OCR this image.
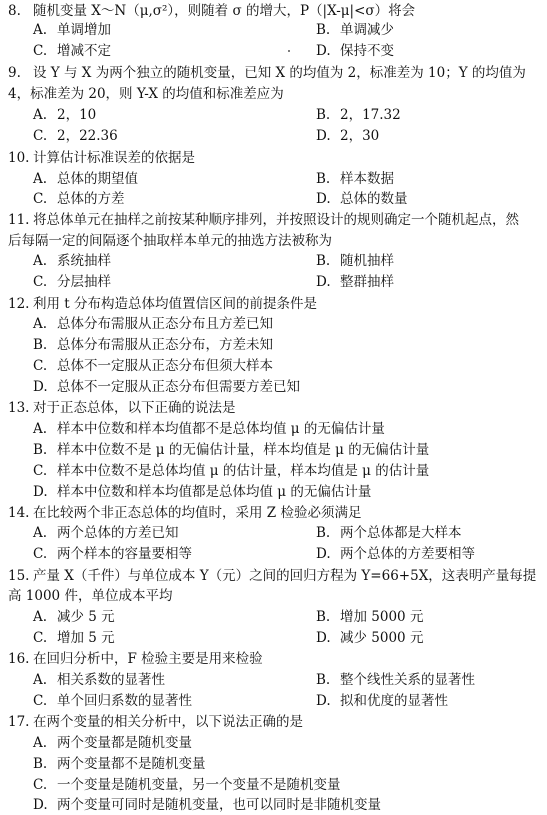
8. 随机变量 X～N（μ,σ²），则随着 σ 的增大，P（|X-μ|<σ）将会
A. 单调增加	B. 单调减少
C. 增减不定	D. 保持不变
9. 设 Y 与 X 为两个独立的随机变量，已知 X 的均值为 2，标准差为 10；Y 的均值为
4，标准差为 20，则 Y-X 的均值和标准差应为
A. 2，10	B. 2，17.32
C. 2，22.36	D. 2，30
10. 计算估计标准误差的依据是
A. 总体的期望值	B. 样本数据
C. 总体的方差	D. 总体的数量
11. 将总体单元在抽样之前按某种顺序排列，并按照设计的规则确定一个随机起点，然
后每隔一定的间隔逐个抽取样本单元的抽选方法被称为
A. 系统抽样	B. 随机抽样
C. 分层抽样	D. 整群抽样
12. 利用 t 分布构造总体均值置信区间的前提条件是
A. 总体分布需服从正态分布且方差已知
B. 总体分布需服从正态分布，方差未知
C. 总体不一定服从正态分布但须大样本
D. 总体不一定服从正态分布但需要方差已知
13. 对于正态总体，以下正确的说法是
A. 样本中位数和样本均值都不是总体均值 μ 的无偏估计量
B. 样本中位数不是 μ 的无偏估计量，样本均值是 μ 的无偏估计量
C. 样本中位数不是总体均值 μ 的估计量，样本均值是 μ 的估计量
D. 样本中位数和样本均值都是总体均值 μ 的无偏估计量
14. 在比较两个非正态总体的均值时，采用 Z 检验必须满足
A. 两个总体的方差已知	B. 两个总体都是大样本
C. 两个样本的容量要相等	D. 两个总体的方差要相等
15. 产量 X（千件）与单位成本 Y（元）之间的回归方程为 Y=66+5X，这表明产量每提
高 1000 件，单位成本平均
A. 减少 5 元	B. 增加 5000 元
C. 增加 5 元	D. 减少 5000 元
16. 在回归分析中，F 检验主要是用来检验
A. 相关系数的显著性	B. 整个线性关系的显著性
C. 单个回归系数的显著性	D. 拟和优度的显著性
17. 在两个变量的相关分析中，以下说法正确的是
A. 两个变量都是随机变量
B. 两个变量都不是随机变量
C. 一个变量是随机变量，另一个变量不是随机变量
D. 两个变量可同时是随机变量，也可以同时是非随机变量
